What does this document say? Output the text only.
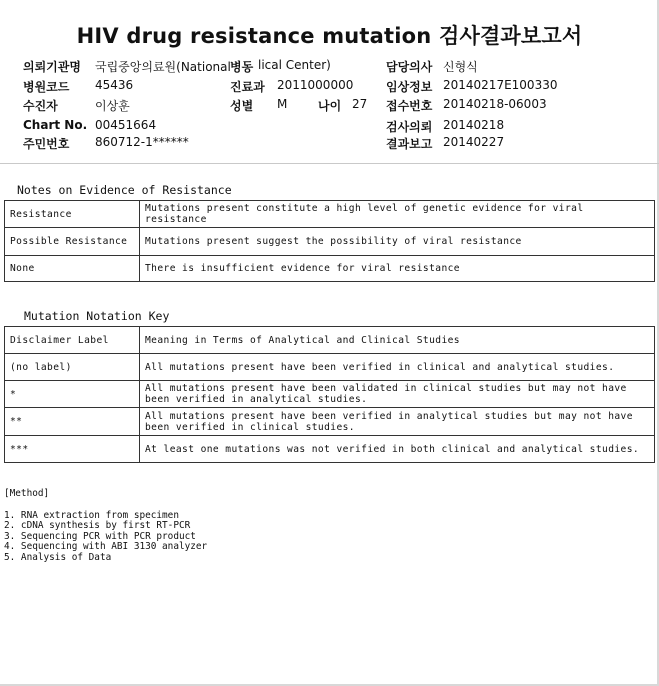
HIV drug resistance mutation 검사결과보고서
의뢰기관명 국립중앙의료원(National 병동 lical Center)	담당의사 신형식
병원코드 45436	진료과 2011000000	임상정보 20140217E100330
수진자	이상훈	성별 M	나이 27 접수번호 20140218-06003
Chart No. 00451664	검사의뢰 20140218
주민번호 860712-1******	결과보고 20140227
Notes on Evidence of Resistance
Resistance	Mutations present constitute a high level of genetic evidence for viral resistance
Possible Resistance	Mutations present suggest the possibility of viral resistance
None	There is insufficient evidence for viral resistance
Mutation Notation Key
Disclaimer Label	Meaning in Terms of Analytical and Clinical Studies
(no label)	All mutations present have been verified in clinical and analytical studies.
*	All mutations present have been validated in clinical studies but may not have been verified in analytical studies.
**	All mutations present have been verified in analytical studies but may not have been verified in clinical studies.
***	At least one mutations was not verified in both clinical and analytical studies.
[Method]
1. RNA extraction from specimen
2. cDNA synthesis by first RT-PCR
3. Sequencing PCR with PCR product
4. Sequencing with ABI 3130 analyzer
5. Analysis of Data
